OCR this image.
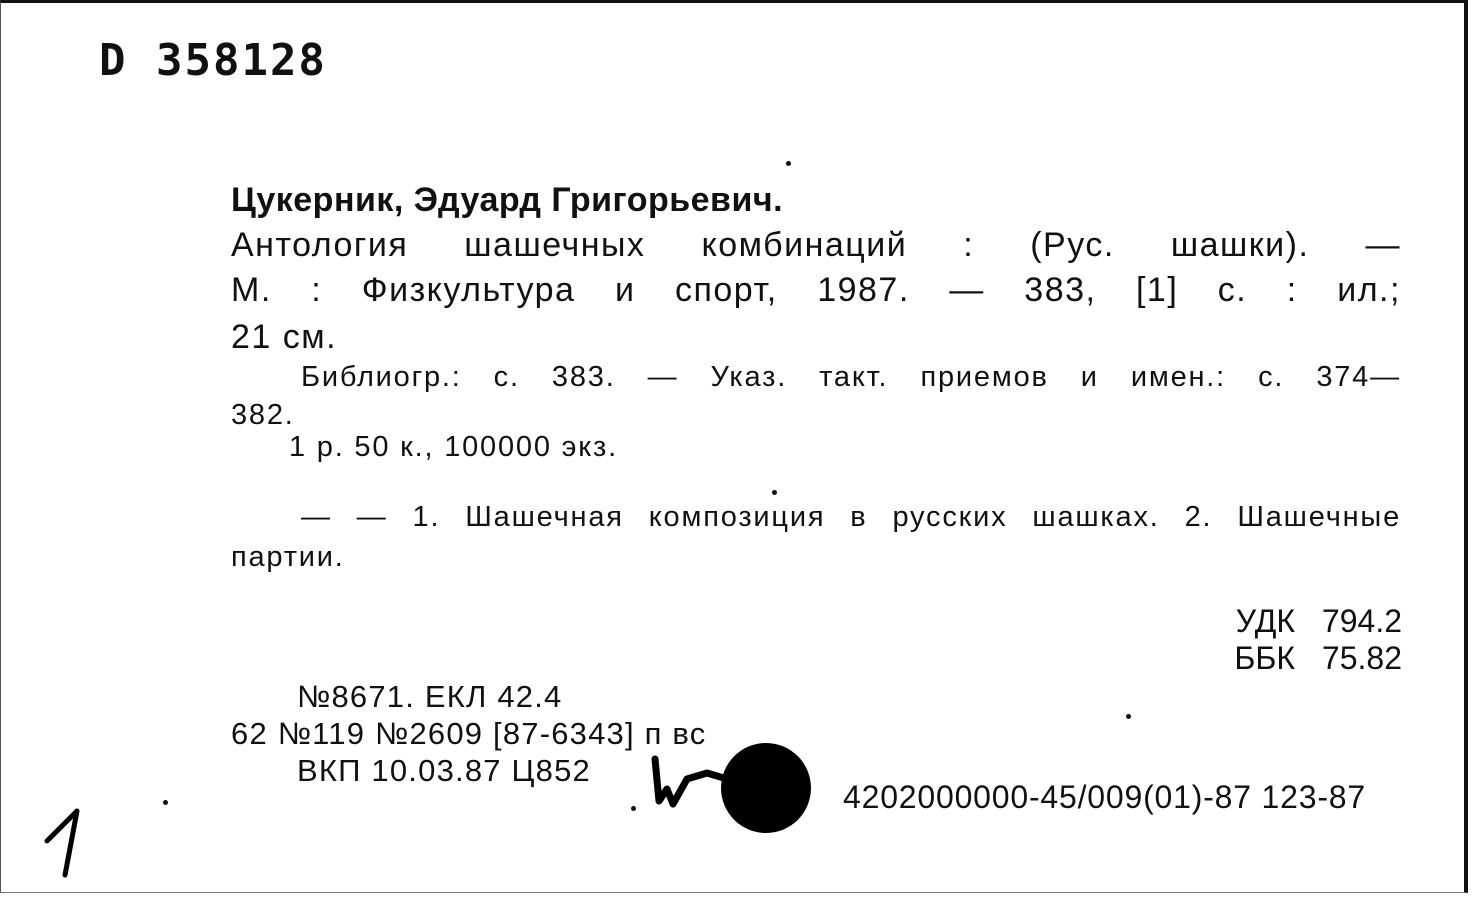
D 358128
Цукерник, Эдуард Григорьевич.
Антология шашечных комбинаций : (Рус. шашки). —
М. : Физкультура и спорт, 1987. — 383, [1] с. : ил.;
21 см.
Библиогр.: с. 383. — Указ. такт. приемов и имен.: с. 374—
382.
1 р. 50 к., 100000 экз.
— — 1. Шашечная композиция в русских шашках. 2. Шашечные
партии.
УДК 794.2
ББК 75.82
№8671. ЕКЛ 42.4
62 №119 №2609 [87-6343] п вс
ВКП 10.03.87 Ц852
4202000000-45/009(01)-87 123-87
